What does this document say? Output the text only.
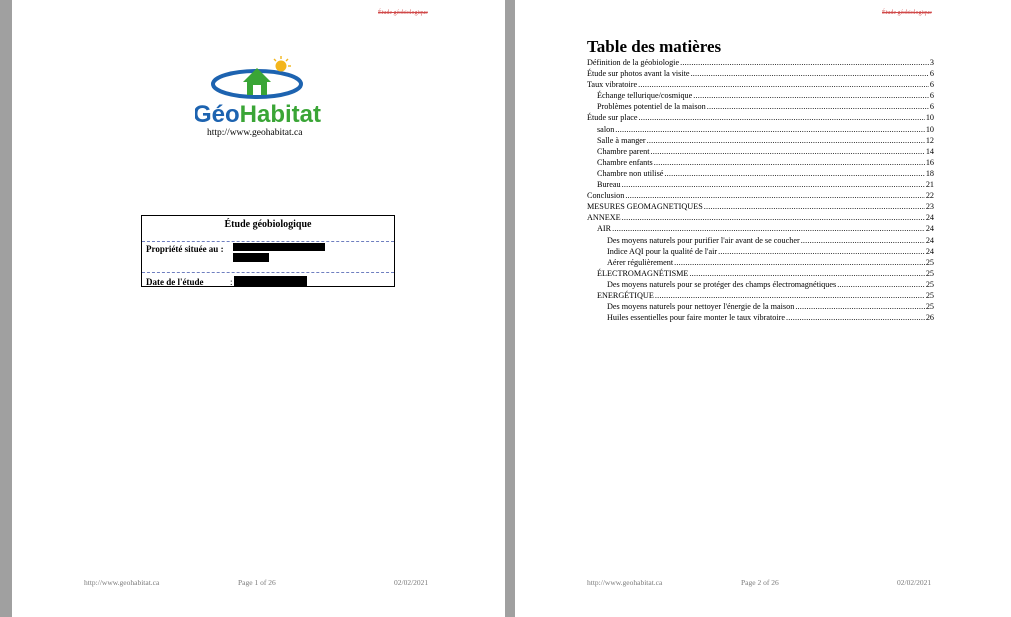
Étude géobiologique
GéoHabitat
http://www.geohabitat.ca
Étude géobiologique
Propriété située au :
Date de l'étude	:
http://www.geohabitat.ca	Page 1 of 26	02/02/2021
Étude géobiologique
Table des matières
Définition de la géobiologie .....	3
Étude sur photos avant la visite .....	6
Taux vibratoire .....	6
Échange tellurique/cosmique .....	6
Problèmes potentiel de la maison .....	6
Étude sur place .....	10
salon .....	10
Salle à manger .....	12
Chambre parent .....	14
Chambre enfants .....	16
Chambre non utilisé .....	18
Bureau .....	21
Conclusion .....	22
MESURES GEOMAGNETIQUES .....	23
ANNEXE .....	24
AIR .....	24
Des moyens naturels pour purifier l'air avant de se coucher .....	24
Indice AQI pour la qualité de l'air .....	24
Aérer régulièrement .....	25
ÉLECTROMAGNÉTISME .....	25
Des moyens naturels pour se protéger des champs électromagnétiques .....	25
ENERGÉTIQUE .....	25
Des moyens naturels pour nettoyer l'énergie de la maison .....	25
Huiles essentielles pour faire monter le taux vibratoire .....	26
http://www.geohabitat.ca	Page 2 of 26	02/02/2021
